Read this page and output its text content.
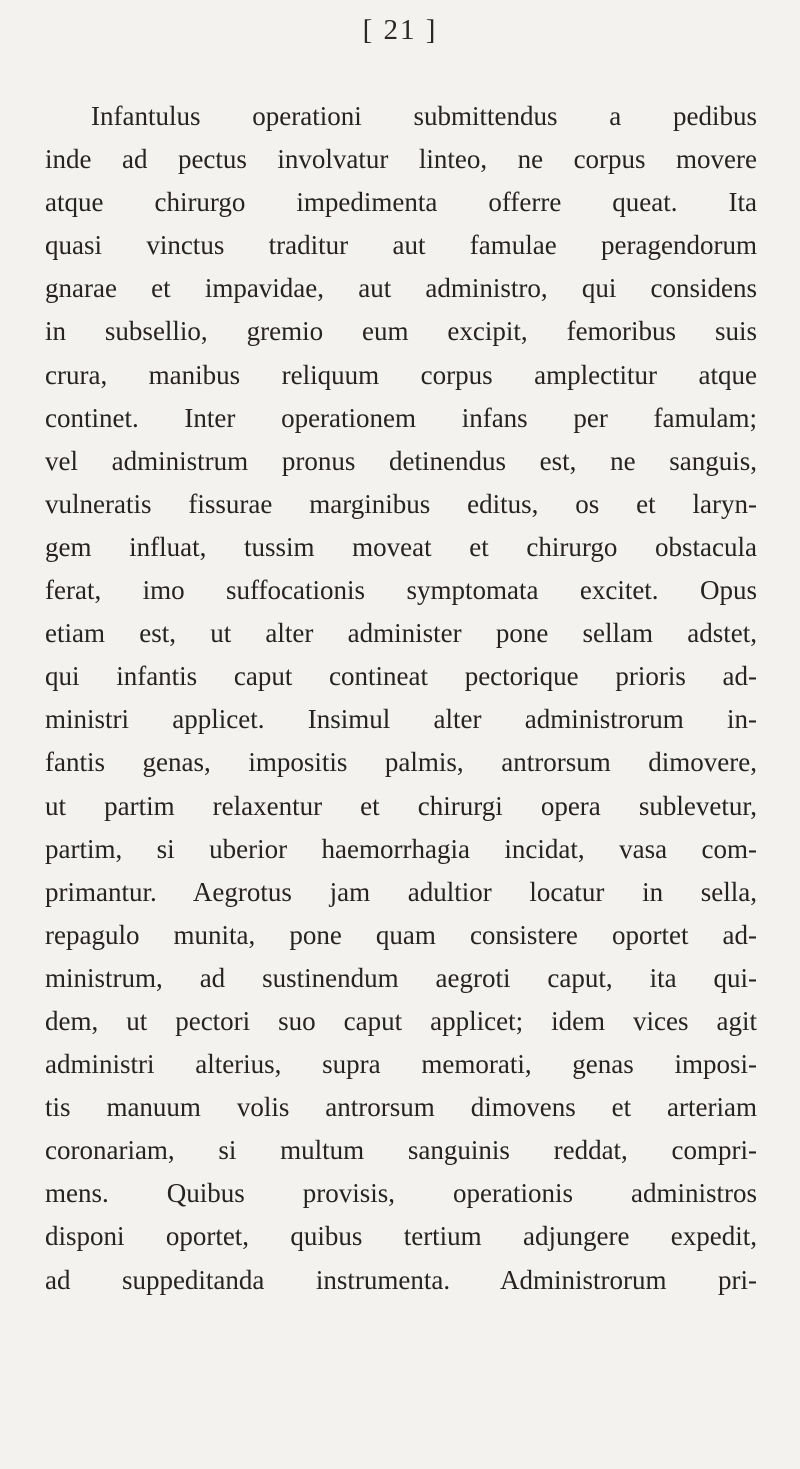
[ 21 ]
Infantulus operationi submittendus a pedibus
inde ad pectus involvatur linteo, ne corpus movere
atque chirurgo impedimenta offerre queat. Ita
quasi vinctus traditur aut famulae peragendorum
gnarae et impavidae, aut administro, qui considens
in subsellio, gremio eum excipit, femoribus suis
crura, manibus reliquum corpus amplectitur atque
continet. Inter operationem infans per famulam;
vel administrum pronus detinendus est, ne sanguis,
vulneratis fissurae marginibus editus, os et laryn-
gem influat, tussim moveat et chirurgo obstacula
ferat, imo suffocationis symptomata excitet. Opus
etiam est, ut alter administer pone sellam adstet,
qui infantis caput contineat pectorique prioris ad-
ministri applicet. Insimul alter administrorum in-
fantis genas, impositis palmis, antrorsum dimovere,
ut partim relaxentur et chirurgi opera sublevetur,
partim, si uberior haemorrhagia incidat, vasa com-
primantur. Aegrotus jam adultior locatur in sella,
repagulo munita, pone quam consistere oportet ad-
ministrum, ad sustinendum aegroti caput, ita qui-
dem, ut pectori suo caput applicet; idem vices agit
administri alterius, supra memorati, genas imposi-
tis manuum volis antrorsum dimovens et arteriam
coronariam, si multum sanguinis reddat, compri-
mens. Quibus provisis, operationis administros
disponi oportet, quibus tertium adjungere expedit,
ad suppeditanda instrumenta. Administrorum pri-
